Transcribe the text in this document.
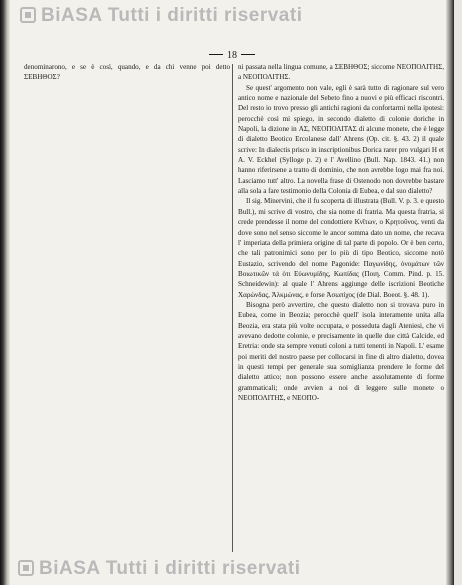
18

denominarono, e se è così, quando, e da chi venne poi detto ΣΕΒΗΘΟΣ?

ni passata nella lingua comune, a ΣΕΒΗΘΟΣ; siccome ΝΕΟΠΟΛΙΤΗΣ, a ΝΕΟΠΟΛΙΤΗΣ.

Se quest' argomento non vale, egli è sarà tutto di ragionare sul vero antico nome e nazionale del Sebeto fino a nuovi e più efficaci riscontri. Del resto io trovo presso gli antichi ragioni da confortarmi nella ipotesi: perocchè così mi spiego, in secondo dialetto di colonie doriche in Napoli, la dizione in ΑΣ, ΝΕΟΠΟΛΙΤΑΣ di alcune monete, che è legge di dialetto Beotico Ercolanese dall' Ahrens (Op. cit. §. 43. 2) il quale scrive: In dialectis prisco in inscriptionibus Dorica rarer pro vulgari H et A. V. Eckhel (Sylloge p. 2) e l' Avellino (Bull. Nap. 1843. 41.) non hanno riferirsene a tratto di dominio, che non avrebbe logo mai fra noi. Lasciamo tutt' altro. La novella frase di Ostenodo non dovrebbe bastare alla sola a fare testimonio della Colonia di Eubea, e dal suo dialetto?

Il sig. Minervini, che il fu scoperta di illustrata (Bull. V. p. 3. e questo Bull.), mi scrive di vostro, che sia nome di fratria. Ma questa fratria, si crede prendesse il nome del condottiere Κνῖτων, o Κρητοῦνος, venti da dove sono nel senso siccome le ancor somma dato un nome, che recava l' imperiata della primiera origine di tal parte di popolo. Or è ben certo, che tali patronimici sono per lo più di tipo Beotico, siccome notò Eustazio, scrivendo del nome Pagonide: Παγωνίδης, ὁνομάτων τῶν Βοιωτικῶν τά ὁτι Εὐωνυμίδης, Κωπίδας (Ποιη. Comm. Pind. p. 15. Schneidewin): al quale l' Ahrens aggiunge delle iscrizioni Beotiche Χαρώνδας, Ἀλκμώνας, e forse Ἀσωπίχος (de Dial. Boeot. §. 48. 1).

Bisogna però avvertire, che questo dialetto non si trovava puro in Eubea, come in Beozia; perocchè quell' isola interamente unita alla Beozia, era stata più volte occupata, e posseduta dagli Ateniesi, che vi avevano dedotte colonie, e precisamente in quelle due città Calcide, ed Eretria: onde sta sempre venuti coloni a tutti tenenti in Napoli. L' esame poi meriti del nostro paese per collocarsi in fine di altro dialetto, dovea in questi tempi per generale sua somiglianza prendere le forme del dialetto attico; non possono essere anche assolutamente di forme grammaticali; onde avvien a noi di leggere sulle monete o ΝΕΟΠΟΛΙΤΗΣ, e ΝΕΟΠΟ-

BiASA Tutti i diritti riservati
BiASA Tutti i diritti riservati
